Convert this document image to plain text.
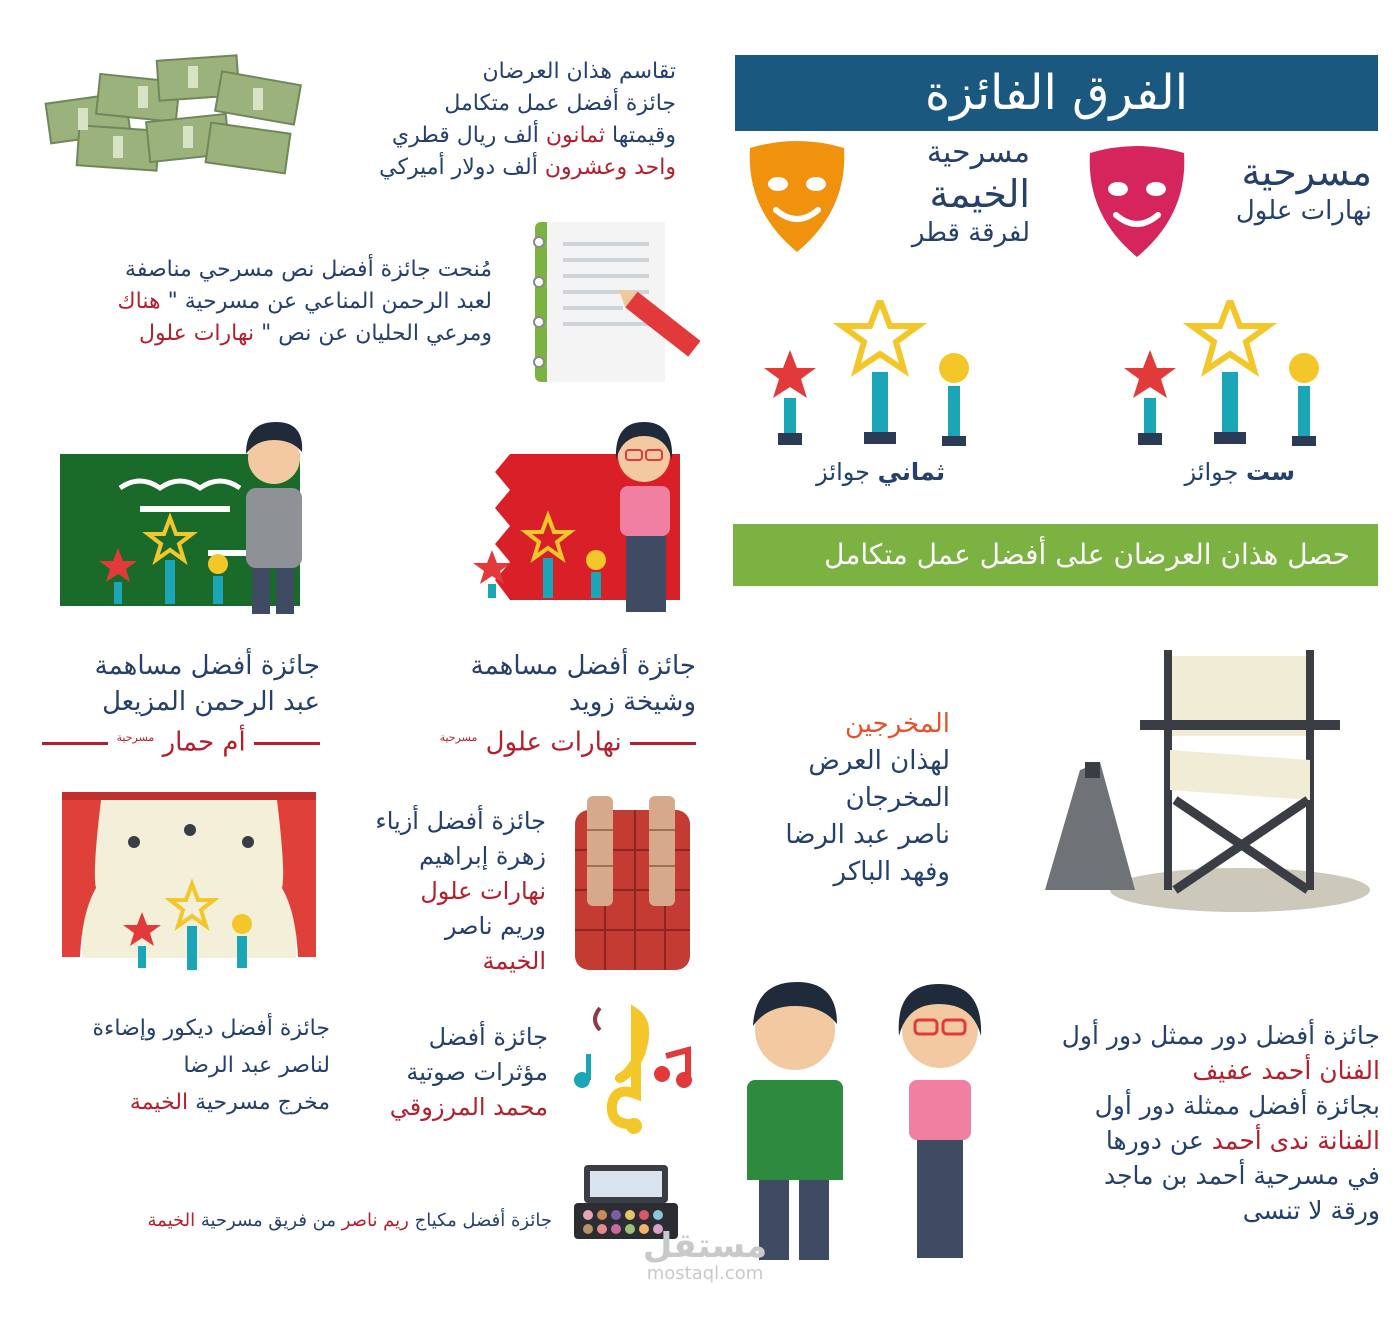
الفرق الفائزة
مسرحية
نهارات علول
مسرحية
الخيمة
لفرقة قطر
ثماني جوائز	ست جوائز
حصل هذان العرضان على أفضل عمل متكامل
تقاسم هذان العرضان
جائزة أفضل عمل متكامل
وقيمتها ثمانون ألف ريال قطري
واحد وعشرون ألف دولار أميركي
مُنحت جائزة أفضل نص مسرحي مناصفة
لعبد الرحمن المناعي عن مسرحية " هناك
ومرعي الحليان عن نص " نهارات علول
جائزة أفضل مساهمة
عبد الرحمن المزيعل
أم حمار $^{مسرحية}$
جائزة أفضل مساهمة
وشيخة زويد
نهارات علول $^{مسرحية}$	المخرجين
لهذان العرض
المخرجان
ناصر عبد الرضا
وفهد الباكر
جائزة أفضل أزياء
زهرة إبراهيم
نهارات علول
وريم ناصر
الخيمة
جائزة أفضل ديكور وإضاءة
لناصر عبد الرضا
مخرج مسرحية الخيمة
جائزة أفضل
مؤثرات صوتية
محمد المرزوقي
جائزة أفضل مكياج ريم ناصر من فريق مسرحية الخيمة
جائزة أفضل دور ممثل دور أول
الفنان أحمد عفيف
بجائزة أفضل ممثلة دور أول
الفنانة ندى أحمد عن دورها
في مسرحية أحمد بن ماجد
ورقة لا تنسى
مستقل
mostaql.com
